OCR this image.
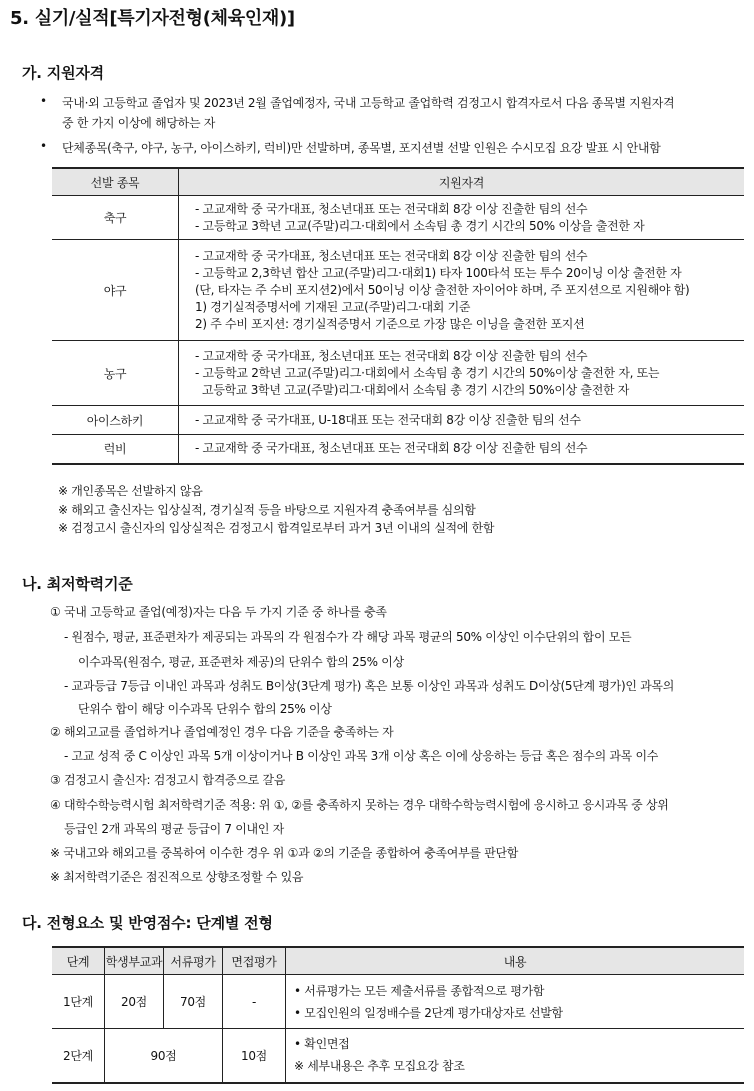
5. 실기/실적[특기자전형(체육인재)]
가. 지원자격
• 국내·외 고등학교 졸업자 및 2023년 2월 졸업예정자, 국내 고등학교 졸업학력 검정고시 합격자로서 다음 종목별 지원자격
중 한 가지 이상에 해당하는 자
• 단체종목(축구, 야구, 농구, 아이스하키, 럭비)만 선발하며, 종목별, 포지션별 선발 인원은 수시모집 요강 발표 시 안내함
선발 종목	지원자격
축구	- 고교재학 중 국가대표, 청소년대표 또는 전국대회 8강 이상 진출한 팀의 선수
- 고등학교 3학년 고교(주말)리그·대회에서 소속팀 총 경기 시간의 50% 이상을 출전한 자

야구	- 고교재학 중 국가대표, 청소년대표 또는 전국대회 8강 이상 진출한 팀의 선수
- 고등학교 2,3학년 합산 고교(주말)리그·대회1) 타자 100타석 또는 투수 20이닝 이상 출전한 자
(단, 타자는 주 수비 포지션2)에서 50이닝 이상 출전한 자이어야 하며, 주 포지션으로 지원해야 함)
1) 경기실적증명서에 기재된 고교(주말)리그·대회 기준
2) 주 수비 포지션: 경기실적증명서 기준으로 가장 많은 이닝을 출전한 포지션

농구	- 고교재학 중 국가대표, 청소년대표 또는 전국대회 8강 이상 진출한 팀의 선수
- 고등학교 2학년 고교(주말)리그·대회에서 소속팀 총 경기 시간의 50%이상 출전한 자, 또는
고등학교 3학년 고교(주말)리그·대회에서 소속팀 총 경기 시간의 50%이상 출전한 자

아이스하키	- 고교재학 중 국가대표, U-18대표 또는 전국대회 8강 이상 진출한 팀의 선수

럭비	- 고교재학 중 국가대표, 청소년대표 또는 전국대회 8강 이상 진출한 팀의 선수
※ 개인종목은 선발하지 않음
※ 해외고 출신자는 입상실적, 경기실적 등을 바탕으로 지원자격 충족여부를 심의함
※ 검정고시 출신자의 입상실적은 검정고시 합격일로부터 과거 3년 이내의 실적에 한함
나. 최저학력기준
① 국내 고등학교 졸업(예정)자는 다음 두 가지 기준 중 하나를 충족
- 원점수, 평균, 표준편차가 제공되는 과목의 각 원점수가 각 해당 과목 평균의 50% 이상인 이수단위의 합이 모든
이수과목(원점수, 평균, 표준편차 제공)의 단위수 합의 25% 이상
- 교과등급 7등급 이내인 과목과 성취도 B이상(3단계 평가) 혹은 보통 이상인 과목과 성취도 D이상(5단계 평가)인 과목의
단위수 합이 해당 이수과목 단위수 합의 25% 이상
② 해외고교를 졸업하거나 졸업예정인 경우 다음 기준을 충족하는 자
- 고교 성적 중 C 이상인 과목 5개 이상이거나 B 이상인 과목 3개 이상 혹은 이에 상응하는 등급 혹은 점수의 과목 이수
③ 검정고시 출신자: 검정고시 합격증으로 갈음
④ 대학수학능력시험 최저학력기준 적용: 위 ①, ②를 충족하지 못하는 경우 대학수학능력시험에 응시하고 응시과목 중 상위
등급인 2개 과목의 평균 등급이 7 이내인 자
※ 국내고와 해외고를 중복하여 이수한 경우 위 ①과 ②의 기준을 종합하여 충족여부를 판단함
※ 최저학력기준은 점진적으로 상향조정할 수 있음
다. 전형요소 및 반영점수: 단계별 전형
단계	학생부교과	서류평가	면접평가	내용
1단계	20점	70점	-	• 서류평가는 모든 제출서류를 종합적으로 평가함
• 모집인원의 일정배수를 2단계 평가대상자로 선발함

2단계	90점		10점	• 확인면접
※ 세부내용은 추후 모집요강 참조
